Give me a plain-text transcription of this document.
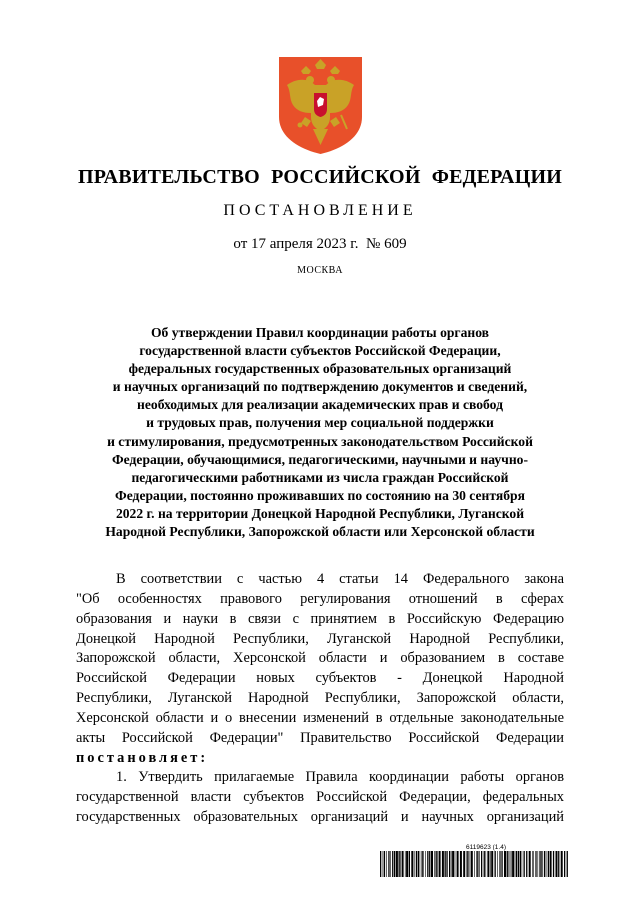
ПРАВИТЕЛЬСТВО РОССИЙСКОЙ ФЕДЕРАЦИИ
ПОСТАНОВЛЕНИЕ
от 17 апреля 2023 г. № 609
МОСКВА
Об утверждении Правил координации работы органов
государственной власти субъектов Российской Федерации,
федеральных государственных образовательных организаций
и научных организаций по подтверждению документов и сведений,
необходимых для реализации академических прав и свобод
и трудовых прав, получения мер социальной поддержки
и стимулирования, предусмотренных законодательством Российской
Федерации, обучающимися, педагогическими, научными и научно-
педагогическими работниками из числа граждан Российской
Федерации, постоянно проживавших по состоянию на 30 сентября
2022 г. на территории Донецкой Народной Республики, Луганской
Народной Республики, Запорожской области или Херсонской области
В соответствии с частью 4 статьи 14 Федерального закона
"Об особенностях правового регулирования отношений в сферах
образования и науки в связи с принятием в Российскую Федерацию
Донецкой Народной Республики, Луганской Народной Республики,
Запорожской области, Херсонской области и образованием в составе
Российской Федерации новых субъектов - Донецкой Народной
Республики, Луганской Народной Республики, Запорожской области,
Херсонской области и о внесении изменений в отдельные законодательные
акты Российской Федерации" Правительство Российской Федерации
постановляет:
1. Утвердить прилагаемые Правила координации работы органов
государственной власти субъектов Российской Федерации, федеральных
государственных образовательных организаций и научных организаций
6119623 (1.4)
